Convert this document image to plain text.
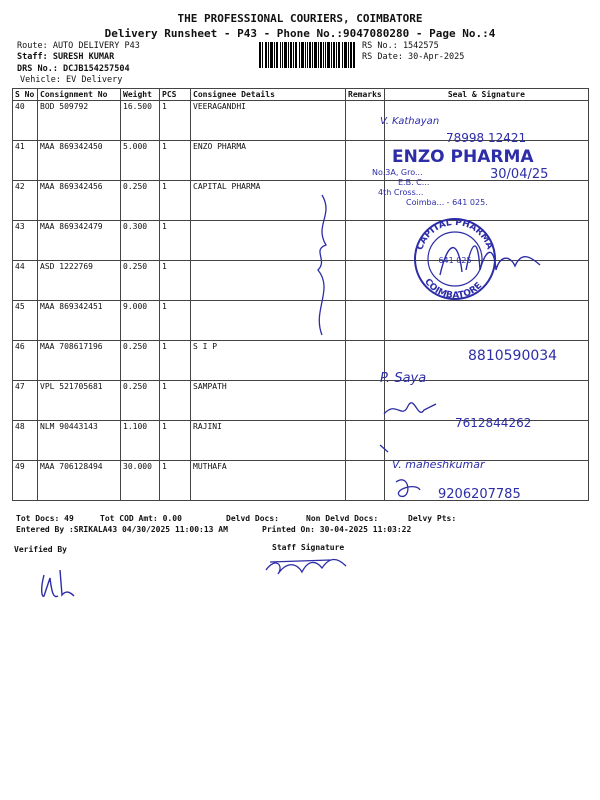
THE PROFESSIONAL COURIERS, COIMBATORE
Delivery Runsheet - P43 - Phone No.:9047080280 - Page No.:4
Route: AUTO DELIVERY P43
Staff: SURESH KUMAR
DRS No.: DCJB154257504
Vehicle: EV Delivery
RS No.: 1542575
RS Date: 30-Apr-2025
S No	Consignment No	Weight	PCS	Consignee Details	Remarks	Seal & Signature
40	BOD 509792	16.500	1	VEERAGANDHI		
41	MAA 869342450	5.000	1	ENZO PHARMA		
42	MAA 869342456	0.250	1	CAPITAL PHARMA		
43	MAA 869342479	0.300	1			
44	ASD 1222769	0.250	1			
45	MAA 869342451	9.000	1			
46	MAA 708617196	0.250	1	S I P		
47	VPL 521705681	0.250	1	SAMPATH		
48	NLM 90443143	1.100	1	RAJINI		
49	MAA 706128494	30.000	1	MUTHAFA		
V. Kathayan
78998 12421
ENZO PHARMA
No.3A, Gro...
E.B. C...
4th Cross...
Coimba... - 641 025.
30/04/25
CAPITAL PHARMA
COIMBATORE
641 025
8810590034
P. Saya
7612844262
V. maheshkumar
9206207785
Tot Docs: 49	Tot COD Amt: 0.00	Delvd Docs:	Non Delvd Docs:	Delvy Pts:
Entered By :SRIKALA43 04/30/2025 11:00:13 AM	Printed On: 30-04-2025 11:03:22
Verified By	Staff Signature
